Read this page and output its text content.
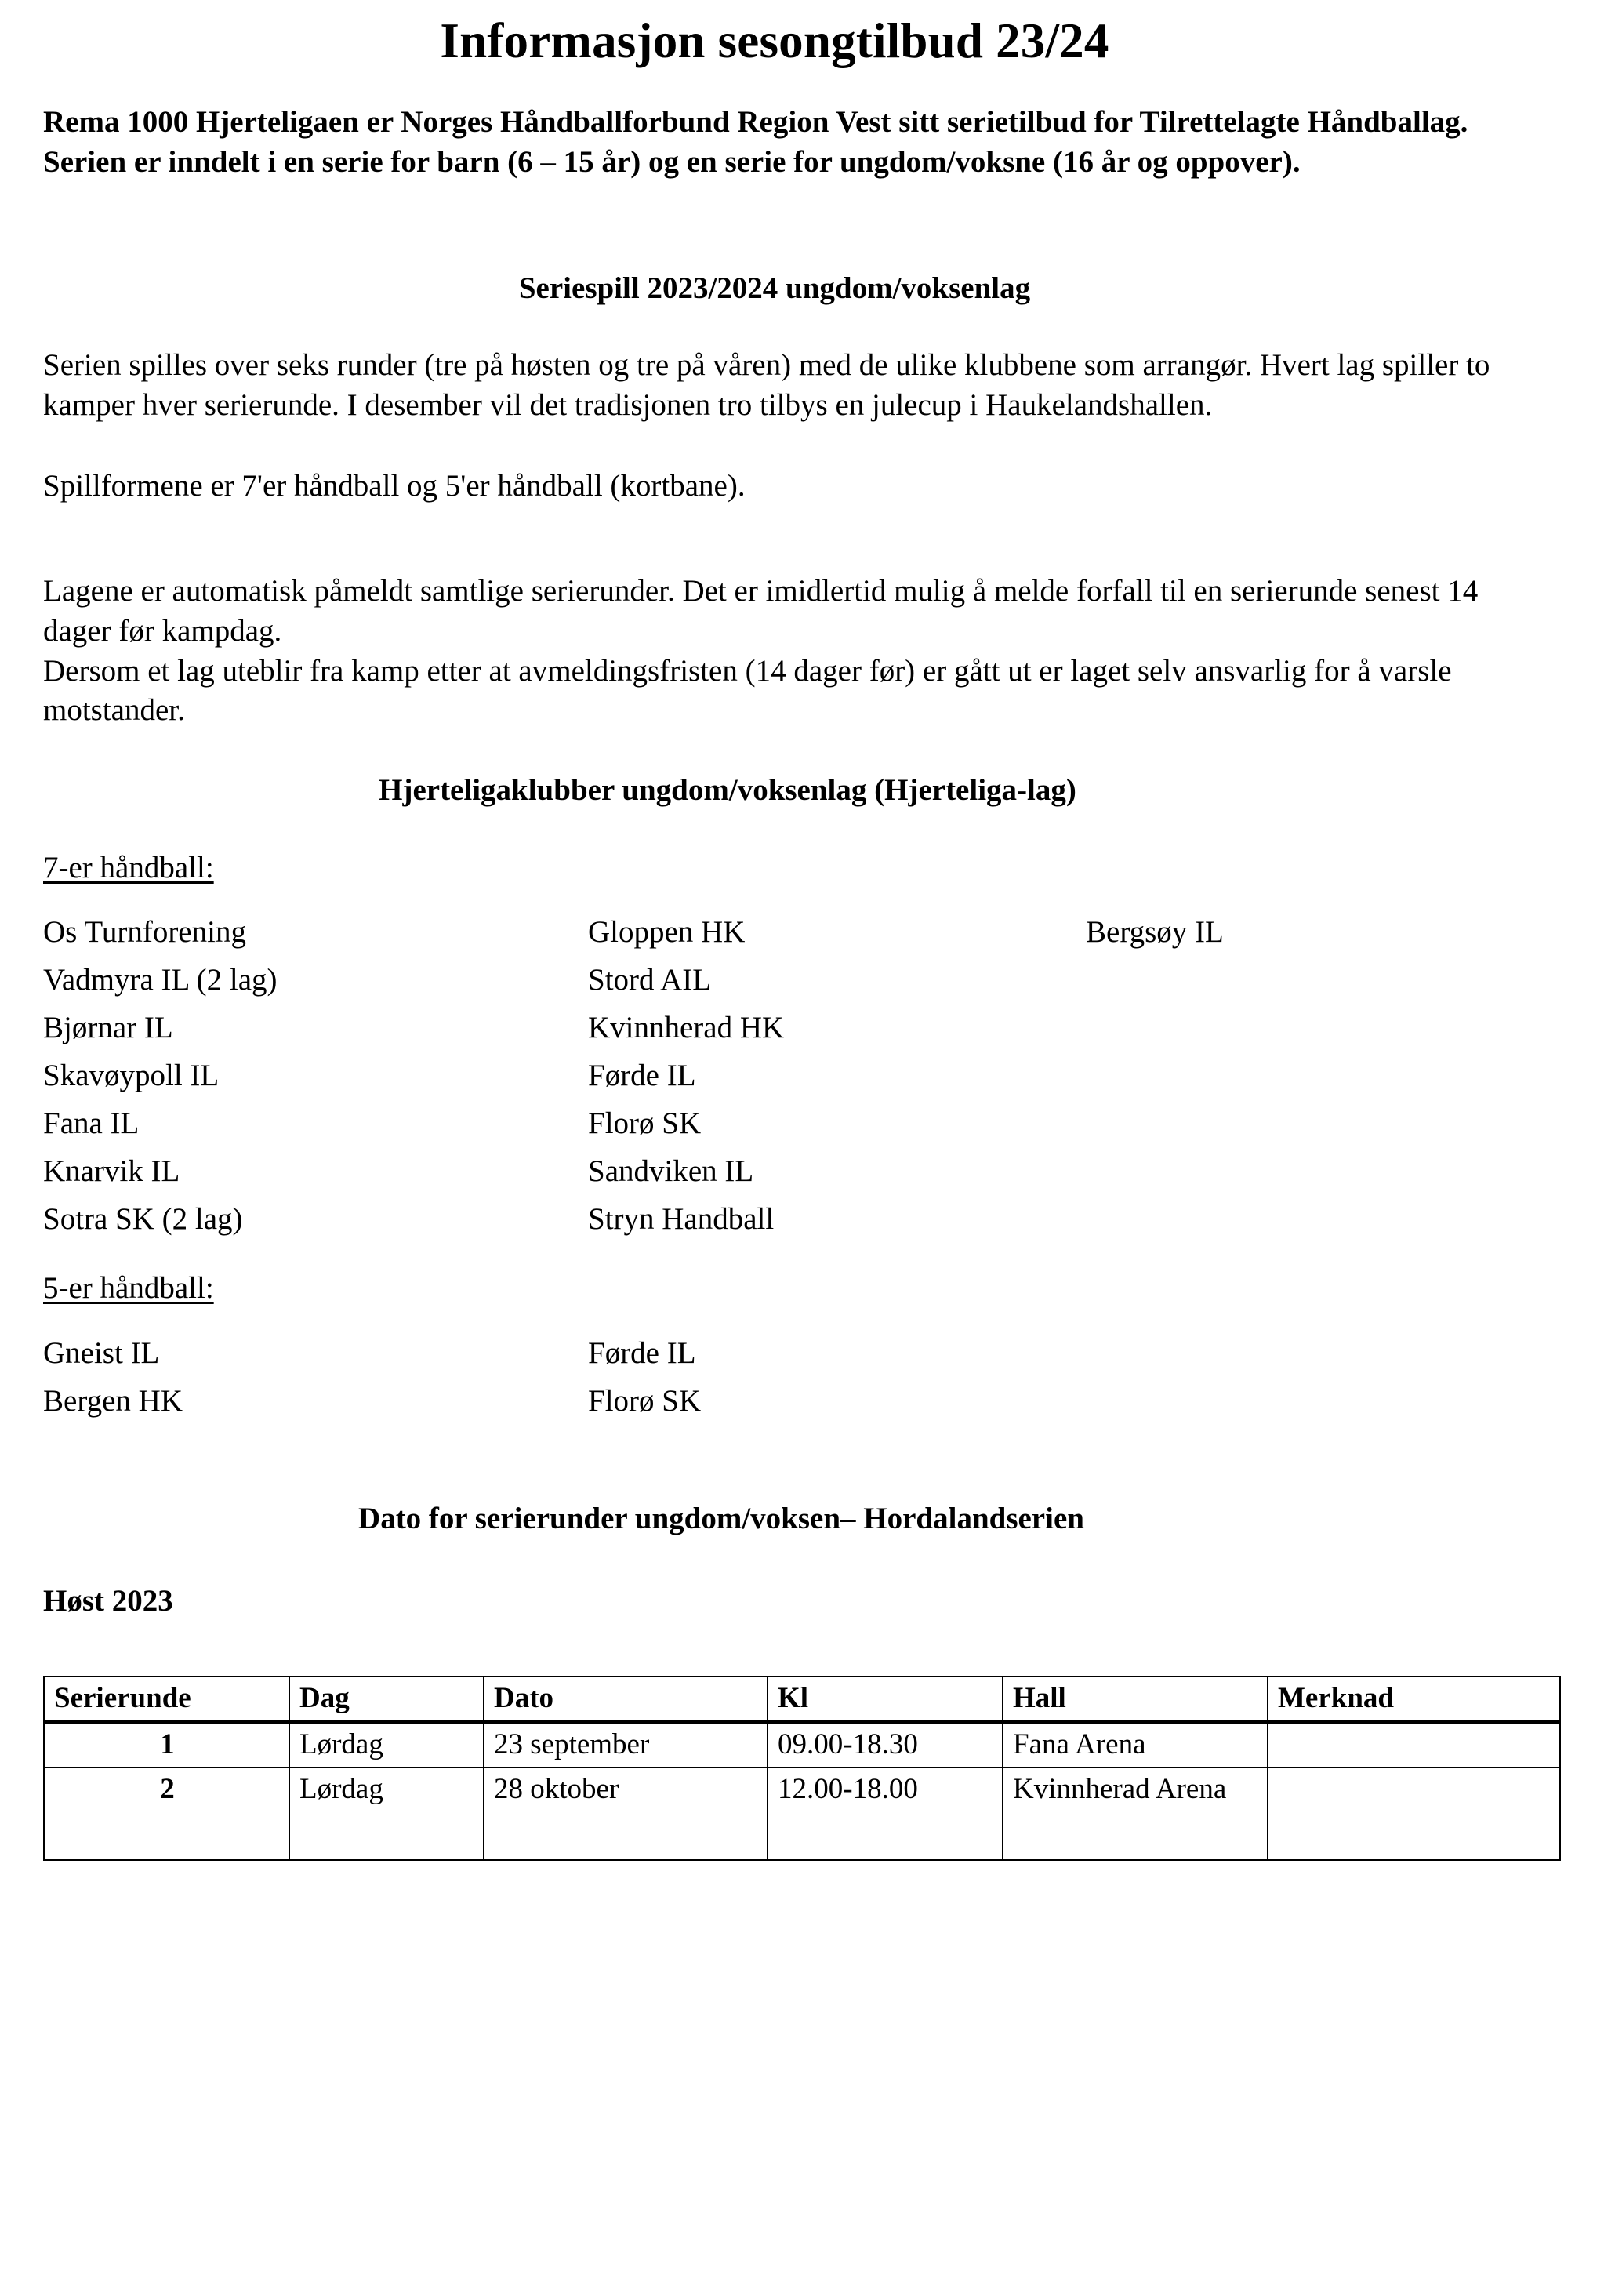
Informasjon sesongtilbud 23/24

Rema 1000 Hjerteligaen er Norges Håndballforbund Region Vest sitt serietilbud for Tilrettelagte Håndballag. Serien er inndelt i en serie for barn (6 – 15 år) og en serie for ungdom/voksne (16 år og oppover).

Seriespill 2023/2024 ungdom/voksenlag

Serien spilles over seks runder (tre på høsten og tre på våren) med de ulike klubbene som arrangør. Hvert lag spiller to kamper hver serierunde. I desember vil det tradisjonen tro tilbys en julecup i Haukelandshallen.

Spillformene er 7'er håndball og 5'er håndball (kortbane).

Lagene er automatisk påmeldt samtlige serierunder. Det er imidlertid mulig å melde forfall til en serierunde senest 14 dager før kampdag.

Dersom et lag uteblir fra kamp etter at avmeldingsfristen (14 dager før) er gått ut er laget selv ansvarlig for å varsle motstander.

Hjerteligaklubber ungdom/voksenlag (Hjerteliga-lag)
7-er håndball:
Os Turnforening	Gloppen HK	Bergsøy IL
Vadmyra IL (2 lag)	Stord AIL
Bjørnar IL	Kvinnherad HK
Skavøypoll IL	Førde IL
Fana IL	Florø SK
Knarvik IL	Sandviken IL
Sotra SK (2 lag)	Stryn Handball
5-er håndball:
Gneist IL	Førde IL
Bergen HK	Florø SK
Dato for serierunder ungdom/voksen– Hordalandserien

Høst 2023

Serierunde	Dag	Dato	Kl	Hall	Merknad
1	Lørdag	23 september	09.00-18.30	Fana Arena	
2	Lørdag	28 oktober	12.00-18.00	Kvinnherad Arena	
